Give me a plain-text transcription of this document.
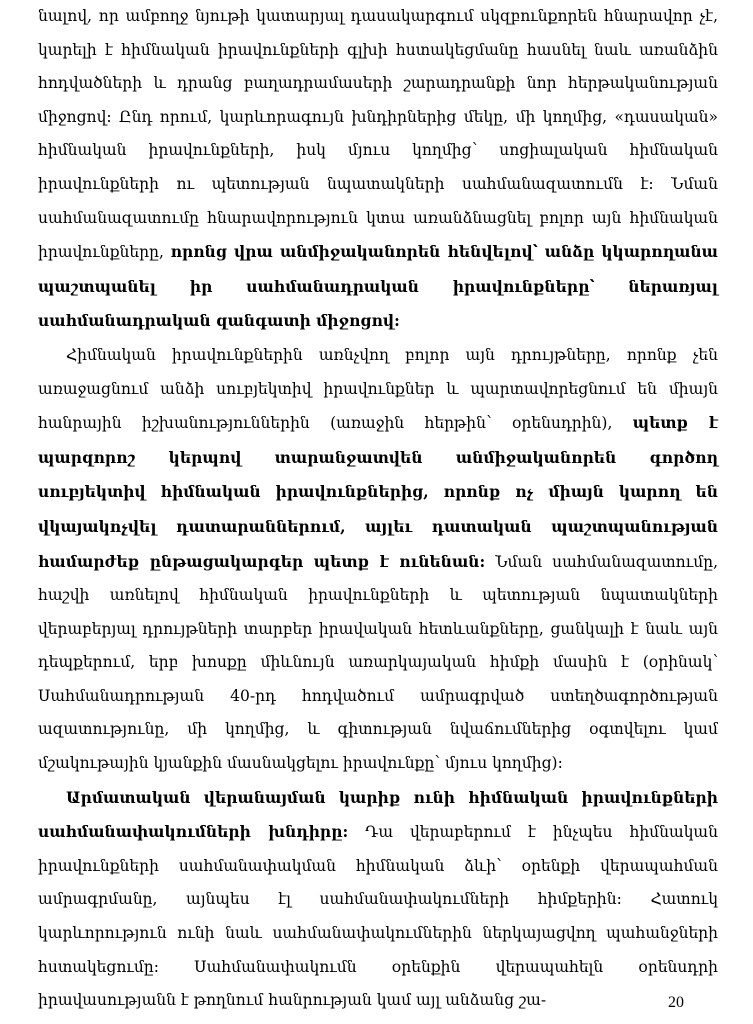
նալով, որ ամբողջ նյութի կատարյալ դասակարգում սկզբունքորեն հնարավոր չէ, կարելի է հիմնական իրավունքների գլխի հստակեցմանը հասնել նաև առանձին հոդվածների և դրանց բաղադրամասերի շարադրանքի նոր հերթականության միջոցով: Ընդ որում, կարևորագույն խնդիրներից մեկը, մի կողմից, «դասական» հիմնական իրավունքների, իսկ մյուս կողմից՝ սոցիալական հիմնական իրավունքների ու պետության նպատակների սահմանազատումն է: Նման սահմանազատումը հնարավորություն կտա առանձնացնել բոլոր այն հիմնական իրավունքները, որոնց վրա անմիջականորեն հենվելով՝ անձը կկարողանա պաշտպանել իր սահմանադրական իրավունքները՝ ներառյալ սահմանադրական զանգատի միջոցով:

Հիմնական իրավունքներին առնչվող բոլոր այն դրույթները, որոնք չեն առաջացնում անձի սուբյեկտիվ իրավունքներ և պարտավորեցնում են միայն հանրային իշխանություններին (առաջին հերթին՝ օրենսդրին), պետք է պարզորոշ կերպով տարանջատվեն անմիջականորեն գործող սուբյեկտիվ հիմնական իրավունքներից, որոնք ոչ միայն կարող են վկայակոչվել դատարաններում, այլեւ դատական պաշտպանության համարժեք ընթացակարգեր պետք է ունենան: Նման սահմանազատումը, հաշվի առնելով հիմնական իրավունքների և պետության նպատակների վերաբերյալ դրույթների տարբեր իրավական հետևանքները, ցանկալի է նաև այն դեպքերում, երբ խոսքը միևնույն առարկայական հիմքի մասին է (օրինակ՝ Սահմանադրության 40-րդ հոդվածում ամրագրված ստեղծագործության ազատությունը, մի կողմից, և գիտության նվաճումներից օգտվելու կամ մշակութային կյանքին մասնակցելու իրավունքը՝ մյուս կողմից):

Արմատական վերանայման կարիք ունի հիմնական իրավունքների սահմանափակումների խնդիրը: Դա վերաբերում է ինչպես հիմնական իրավունքների սահմանափակման հիմնական ձևի՝ օրենքի վերապահման ամրագրմանը, այնպես էլ սահմանափակումների հիմքերին: Հատուկ կարևորություն ունի նաև սահմանափակումներին ներկայացվող պահանջների հստակեցումը: Սահմանափակումն օրենքին վերապահելն օրենսդրի իրավասությանն է թողնում հանրության կամ այլ անձանց շա-	20
